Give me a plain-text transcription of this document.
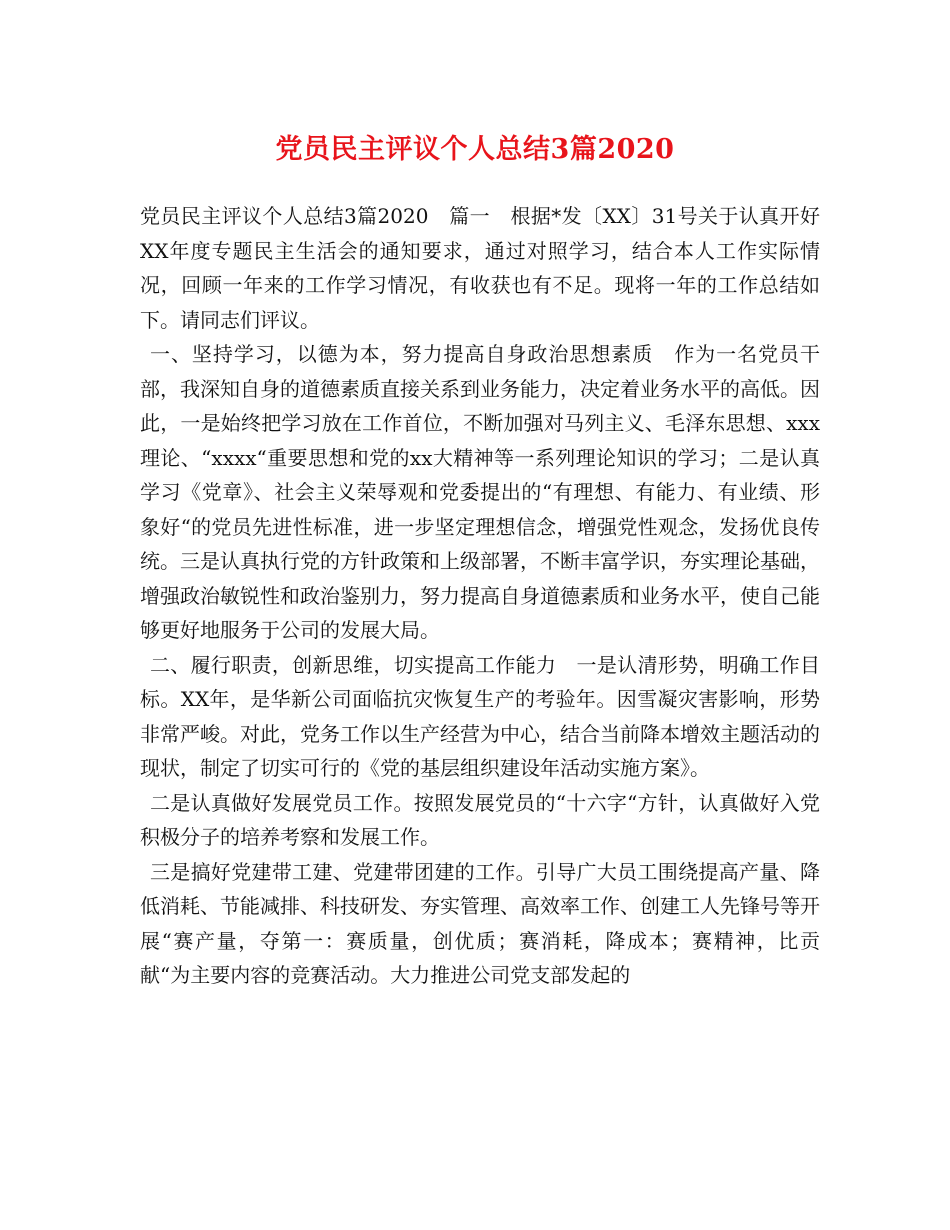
党员民主评议个人总结3篇2020

党员民主评议个人总结3篇2020　篇一　根据*发〔XX〕31号关于认真开好XX年度专题民主生活会的通知要求，通过对照学习，结合本人工作实际情况，回顾一年来的工作学习情况，有收获也有不足。现将一年的工作总结如下。请同志们评议。

一、坚持学习，以德为本，努力提高自身政治思想素质　作为一名党员干部，我深知自身的道德素质直接关系到业务能力，决定着业务水平的高低。因此，一是始终把学习放在工作首位，不断加强对马列主义、毛泽东思想、xxx理论、“xxxx“重要思想和党的xx大精神等一系列理论知识的学习；二是认真学习《党章》、社会主义荣辱观和党委提出的“有理想、有能力、有业绩、形象好“的党员先进性标准，进一步坚定理想信念，增强党性观念，发扬优良传统。三是认真执行党的方针政策和上级部署，不断丰富学识，夯实理论基础，增强政治敏锐性和政治鉴别力，努力提高自身道德素质和业务水平，使自己能够更好地服务于公司的发展大局。

二、履行职责，创新思维，切实提高工作能力　一是认清形势，明确工作目标。XX年，是华新公司面临抗灾恢复生产的考验年。因雪凝灾害影响，形势非常严峻。对此，党务工作以生产经营为中心，结合当前降本增效主题活动的现状，制定了切实可行的《党的基层组织建设年活动实施方案》。

二是认真做好发展党员工作。按照发展党员的“十六字“方针，认真做好入党积极分子的培养考察和发展工作。

三是搞好党建带工建、党建带团建的工作。引导广大员工围绕提高产量、降低消耗、节能减排、科技研发、夯实管理、高效率工作、创建工人先锋号等开展“赛产量，夺第一：赛质量，创优质；赛消耗，降成本；赛精神，比贡献“为主要内容的竞赛活动。大力推进公司党支部发起的
